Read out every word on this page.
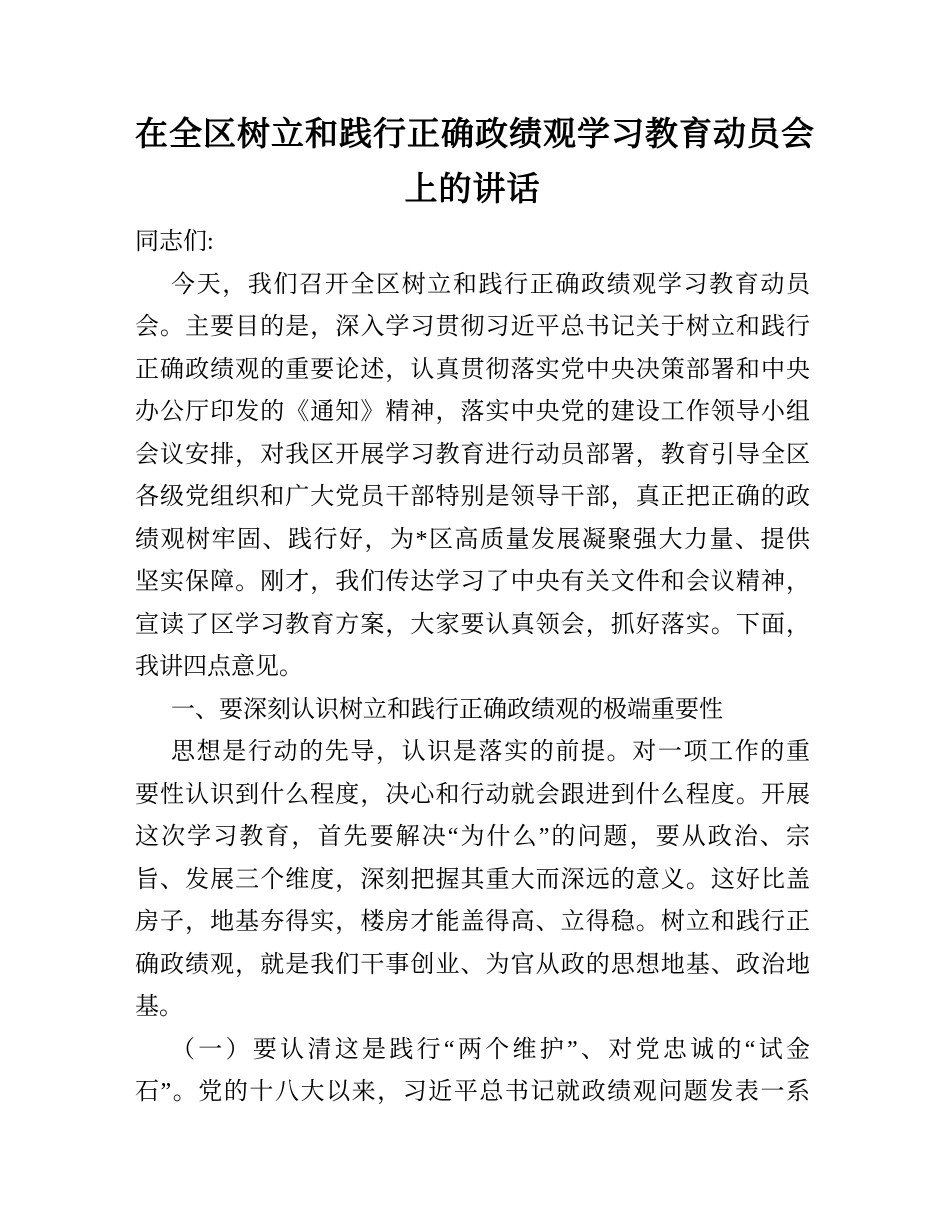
在全区树立和践行正确政绩观学习教育动员会
上的讲话
同志们:
今天，我们召开全区树立和践行正确政绩观学习教育动员
会。主要目的是，深入学习贯彻习近平总书记关于树立和践行
正确政绩观的重要论述，认真贯彻落实党中央决策部署和中央
办公厅印发的《通知》精神，落实中央党的建设工作领导小组
会议安排，对我区开展学习教育进行动员部署，教育引导全区
各级党组织和广大党员干部特别是领导干部，真正把正确的政
绩观树牢固、践行好，为*区高质量发展凝聚强大力量、提供
坚实保障。刚才，我们传达学习了中央有关文件和会议精神，
宣读了区学习教育方案，大家要认真领会，抓好落实。下面，
我讲四点意见。
一、要深刻认识树立和践行正确政绩观的极端重要性
思想是行动的先导，认识是落实的前提。对一项工作的重
要性认识到什么程度，决心和行动就会跟进到什么程度。开展
这次学习教育，首先要解决“为什么”的问题，要从政治、宗
旨、发展三个维度，深刻把握其重大而深远的意义。这好比盖
房子，地基夯得实，楼房才能盖得高、立得稳。树立和践行正
确政绩观，就是我们干事创业、为官从政的思想地基、政治地
基。
（一）要认清这是践行“两个维护”、对党忠诚的“试金
石”。党的十八大以来，习近平总书记就政绩观问题发表一系
